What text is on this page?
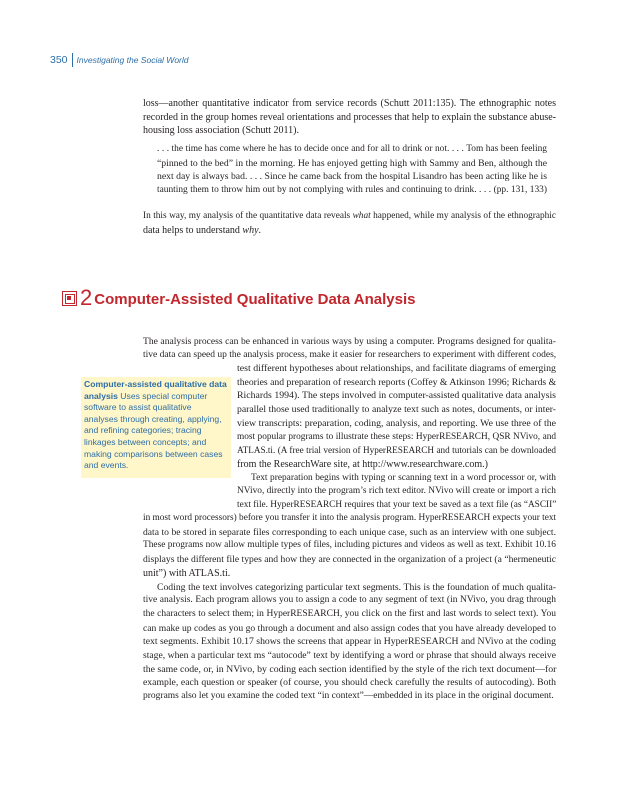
350 Investigating the Social World
loss—another quantitative indicator from service records (Schutt 2011:135). The ethnographic notes
recorded in the group homes reveal orientations and processes that help to explain the substance abuse-
housing loss association (Schutt 2011).
. . . the time has come where he has to decide once and for all to drink or not. . . . Tom has been feeling
“pinned to the bed” in the morning. He has enjoyed getting high with Sammy and Ben, although the
next day is always bad. . . . Since he came back from the hospital Lisandro has been acting like he is
taunting them to throw him out by not complying with rules and continuing to drink. . . . (pp. 131, 133)
In this way, my analysis of the quantitative data reveals what happened, while my analysis of the ethnographic
data helps to understand why.
2 Computer-Assisted Qualitative Data Analysis
The analysis process can be enhanced in various ways by using a computer. Programs designed for qualita-
tive data can speed up the analysis process, make it easier for researchers to experiment with different codes,
Computer-assisted qualitative data analysis Uses special computer software to assist qualitative analyses through creating, applying, and refining categories; tracing linkages between concepts; and making comparisons between cases and events.
test different hypotheses about relationships, and facilitate diagrams of emerging
theories and preparation of research reports (Coffey & Atkinson 1996; Richards &
Richards 1994). The steps involved in computer-assisted qualitative data analysis
parallel those used traditionally to analyze text such as notes, documents, or inter-
view transcripts: preparation, coding, analysis, and reporting. We use three of the
most popular programs to illustrate these steps: HyperRESEARCH, QSR NVivo, and
ATLAS.ti. (A free trial version of HyperRESEARCH and tutorials can be downloaded
from the ResearchWare site, at http://www.researchware.com.)
Text preparation begins with typing or scanning text in a word processor or, with
NVivo, directly into the program’s rich text editor. NVivo will create or import a rich
text file. HyperRESEARCH requires that your text be saved as a text file (as “ASCII”
in most word processors) before you transfer it into the analysis program. HyperRESEARCH expects your text
data to be stored in separate files corresponding to each unique case, such as an interview with one subject.
These programs now allow multiple types of files, including pictures and videos as well as text. Exhibit 10.16
displays the different file types and how they are connected in the organization of a project (a “hermeneutic
unit”) with ATLAS.ti.
Coding the text involves categorizing particular text segments. This is the foundation of much qualita-
tive analysis. Each program allows you to assign a code to any segment of text (in NVivo, you drag through
the characters to select them; in HyperRESEARCH, you click on the first and last words to select text). You
can make up codes as you go through a document and also assign codes that you have already developed to
text segments. Exhibit 10.17 shows the screens that appear in HyperRESEARCH and NVivo at the coding
stage, when a particular text ms “autocode” text by identifying a word or phrase that should always receive
the same code, or, in NVivo, by coding each section identified by the style of the rich text document—for
example, each question or speaker (of course, you should check carefully the results of autocoding). Both
programs also let you examine the coded text “in context”—embedded in its place in the original document.
